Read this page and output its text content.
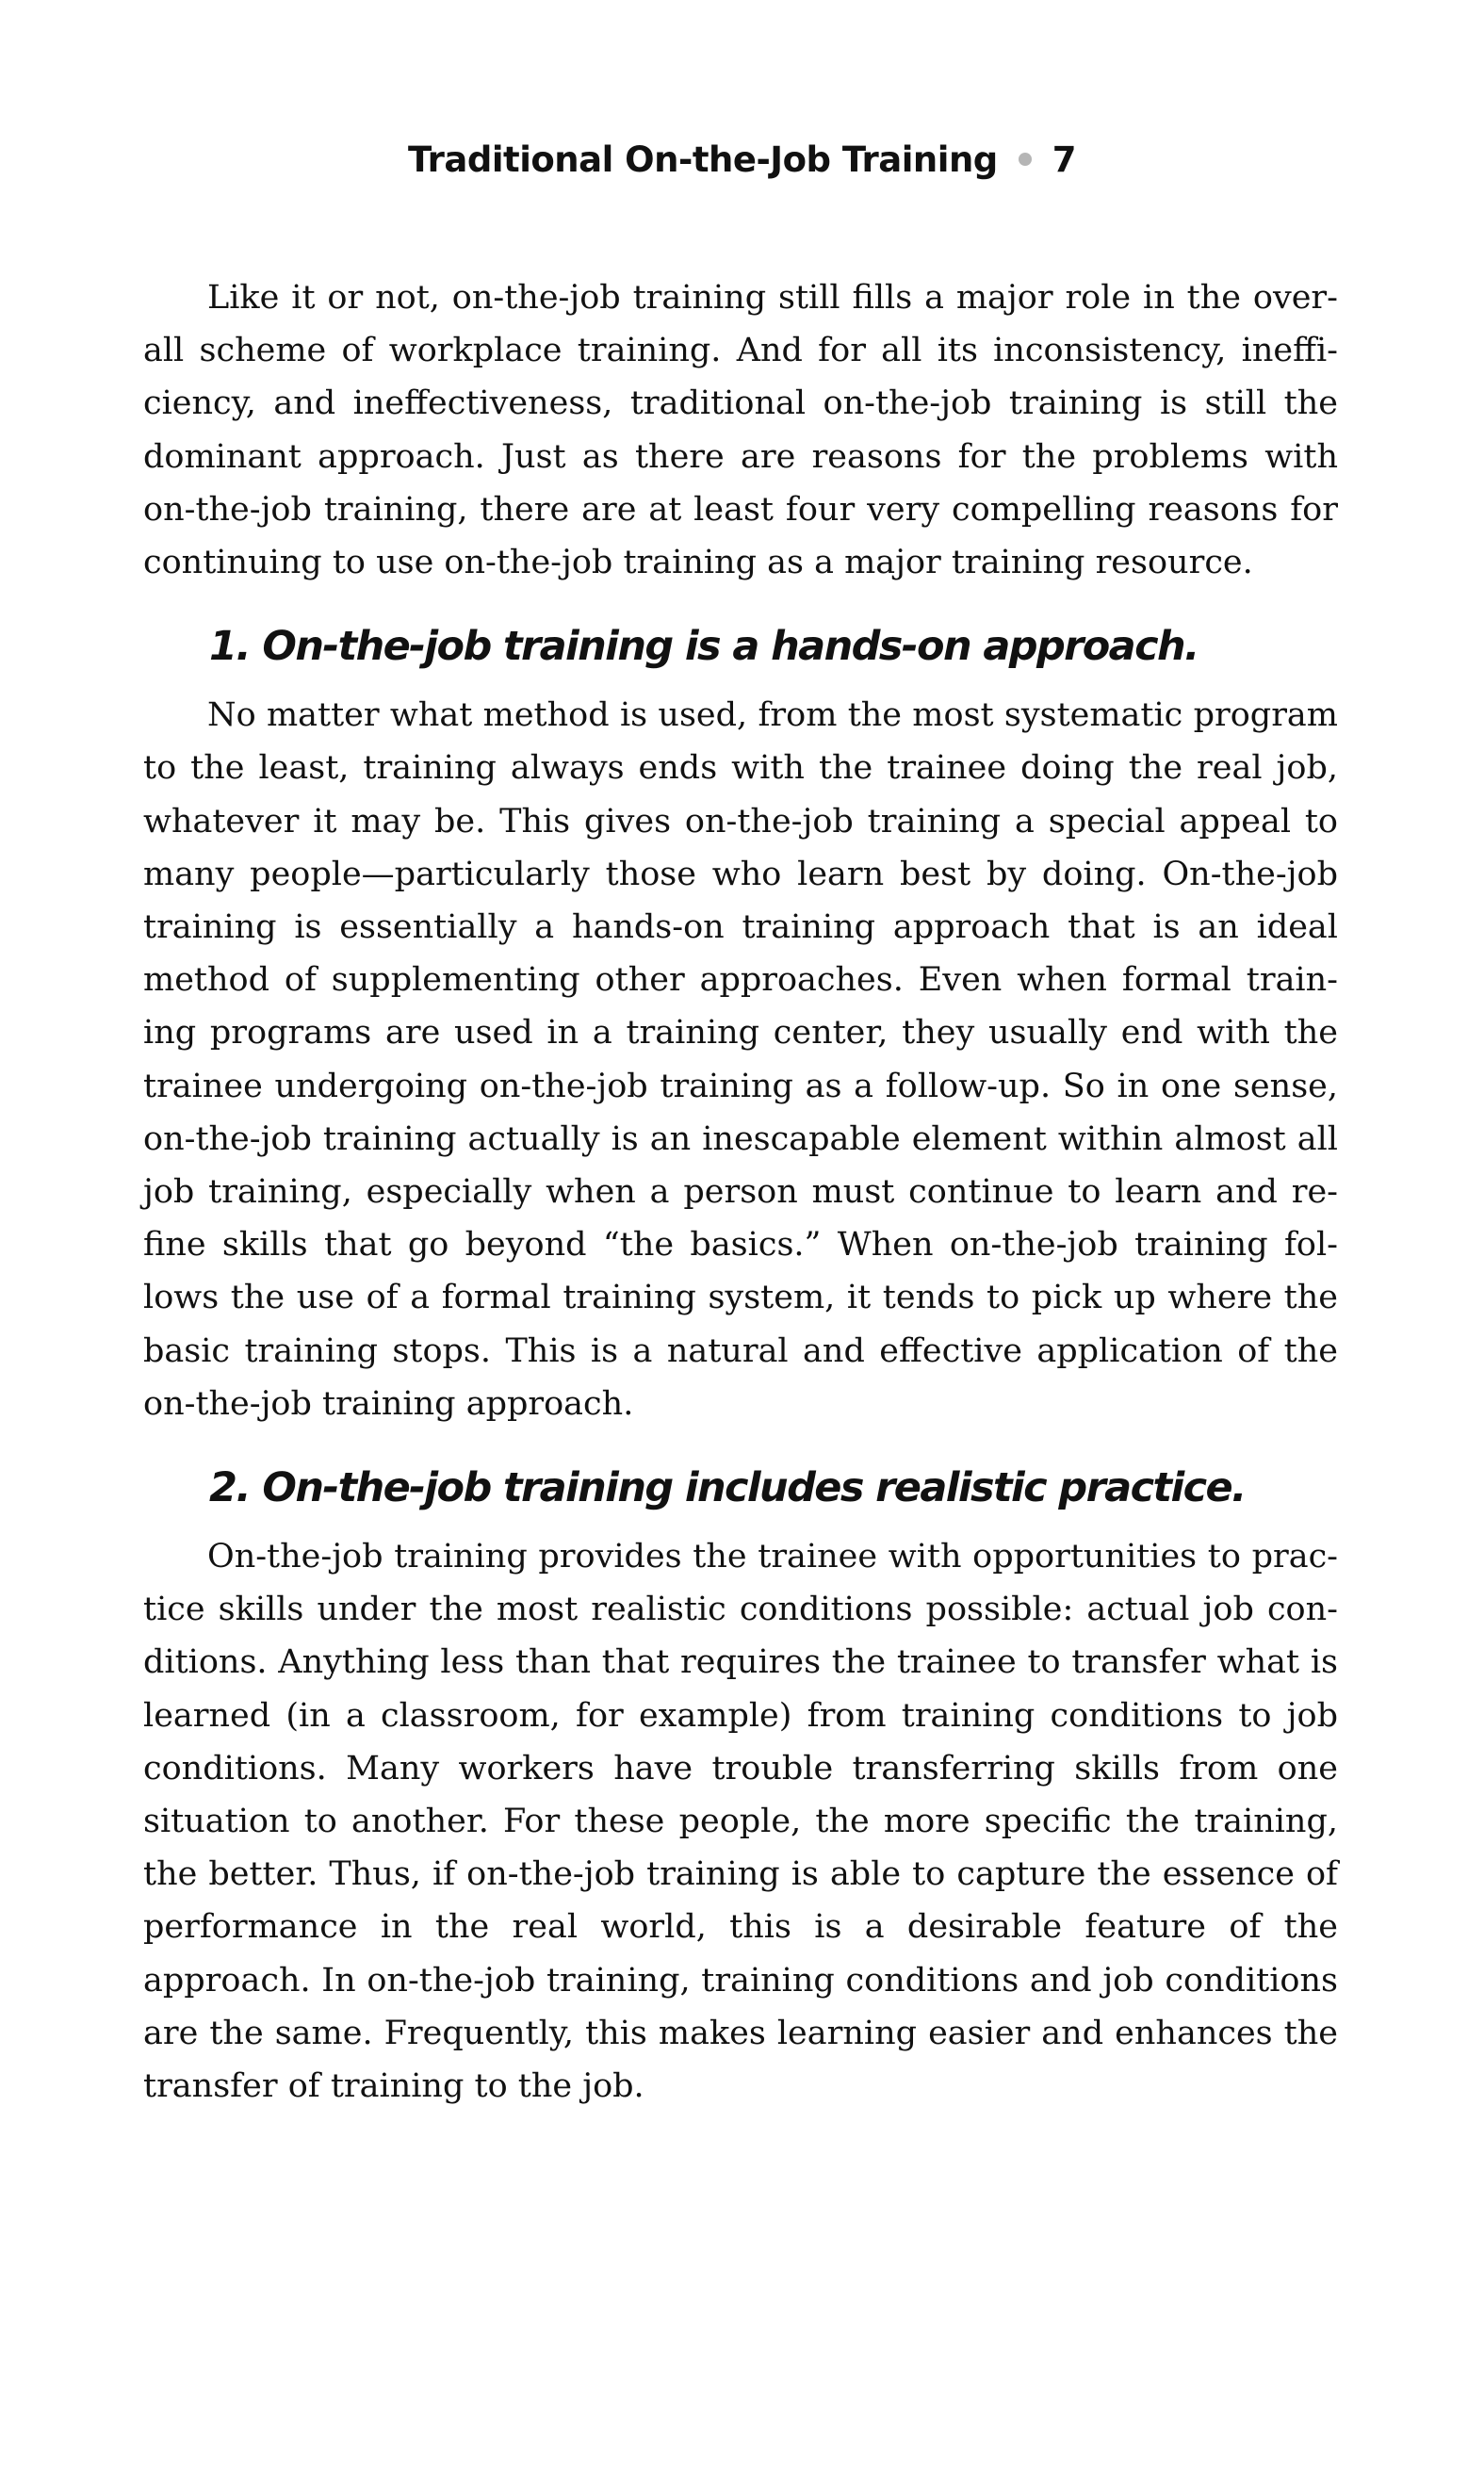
Traditional On-the-Job Training 7

Like it or not, on-the-job training still fills a major role in the overall scheme of workplace training. And for all its inconsistency, inefficiency, and ineffectiveness, traditional on-the-job training is still the dominant approach. Just as there are reasons for the problems with on-the-job training, there are at least four very compelling reasons for continuing to use on-the-job training as a major training resource.

1. On-the-job training is a hands-on approach.

No matter what method is used, from the most systematic program to the least, training always ends with the trainee doing the real job, whatever it may be. This gives on-the-job training a special appeal to many people—particularly those who learn best by doing. On-the-job training is essentially a hands-on training approach that is an ideal method of supplementing other approaches. Even when formal training programs are used in a training center, they usually end with the trainee undergoing on-the-job training as a follow-up. So in one sense, on-the-job training actually is an inescapable element within almost all job training, especially when a person must continue to learn and refine skills that go beyond “the basics.” When on-the-job training follows the use of a formal training system, it tends to pick up where the basic training stops. This is a natural and effective application of the on-the-job training approach.

2. On-the-job training includes realistic practice.

On-the-job training provides the trainee with opportunities to practice skills under the most realistic conditions possible: actual job conditions. Anything less than that requires the trainee to transfer what is learned (in a classroom, for example) from training conditions to job conditions. Many workers have trouble transferring skills from one situation to another. For these people, the more specific the training, the better. Thus, if on-the-job training is able to capture the essence of performance in the real world, this is a desirable feature of the approach. In on-the-job training, training conditions and job conditions are the same. Frequently, this makes learning easier and enhances the transfer of training to the job.
